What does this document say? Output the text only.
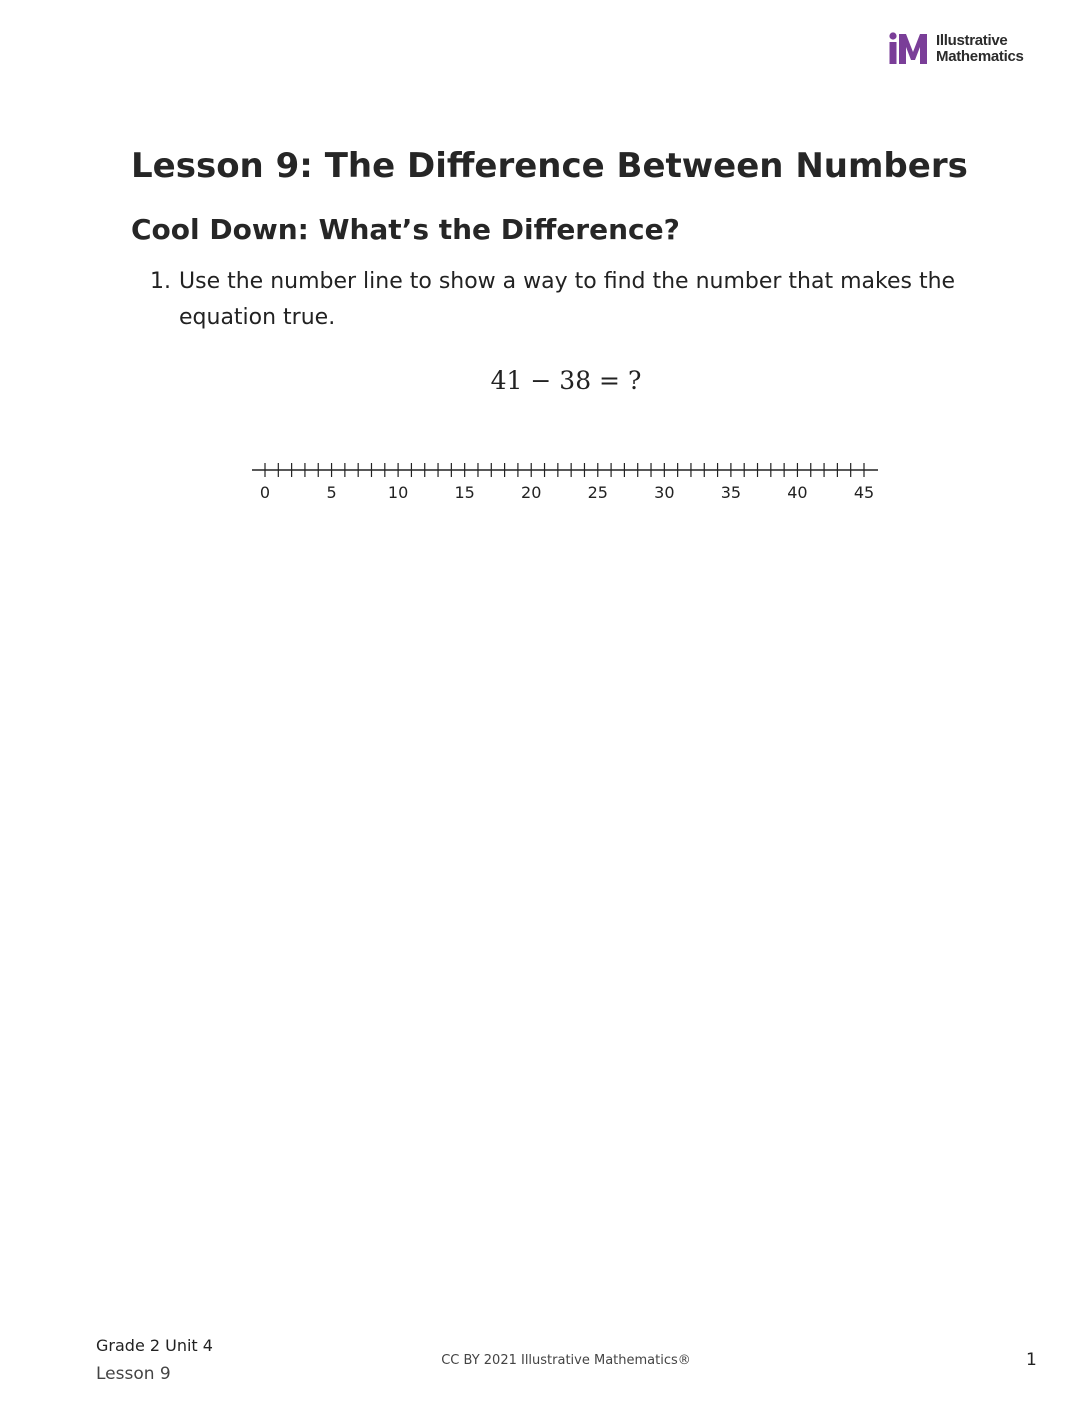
Illustrative
Mathematics
Lesson 9: The Difference Between Numbers
Cool Down: What’s the Difference?
1. Use the number line to show a way to find the number that makes the equation true.
41 − 38 = ?
0	5	10	15	20	25	30	35	40	45
Grade 2 Unit 4
Lesson 9
CC BY 2021 Illustrative Mathematics®	1
